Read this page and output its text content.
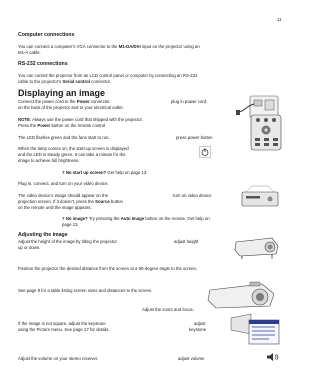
11
Computer connections
You can connect a computer’s VGA connector to the M1-DA/DVI input on the projector using an
M1-A cable.
RS-232 connections
You can control the projector from an LCD control panel or computer by connecting an RS-232
cable to the projector’s Serial control connector.
Displaying an image
Connect the power cord to the Power connector	plug in power cord
on the back of the projector and to your electrical outlet.
NOTE: Always use the power cord that shipped with the projector.
Press the Power button on the remote control.
The LED flashes green and the fans start to run.	press power button
When the lamp comes on, the start-up screen is displayed
and the LED is steady green. It can take a minute for the
image to achieve full brightness.
? No start up screen? Get help on page 13.
Plug in, connect, and turn on your video device.
The video device’s image should appear on the
projection screen. If it doesn’t, press the Source button
on the remote until the image appears.
turn on video device
? No image? Try pressing the Auto Image button on the remote. Get help on
page 13.
Adjusting the image
Adjust the height of the image by tilting the projector
up or down.
adjust height
Position the projector the desired distance from the screen at a 90-degree angle to the screen.
See page 8 for a table listing screen sizes and distances to the screen.
Adjust the zoom and focus.
If the image is not square, adjust the keystone
using the Picture menu. See page 17 for details.
adjust
keystone
Adjust the volume on your stereo receiver.	adjust volume
